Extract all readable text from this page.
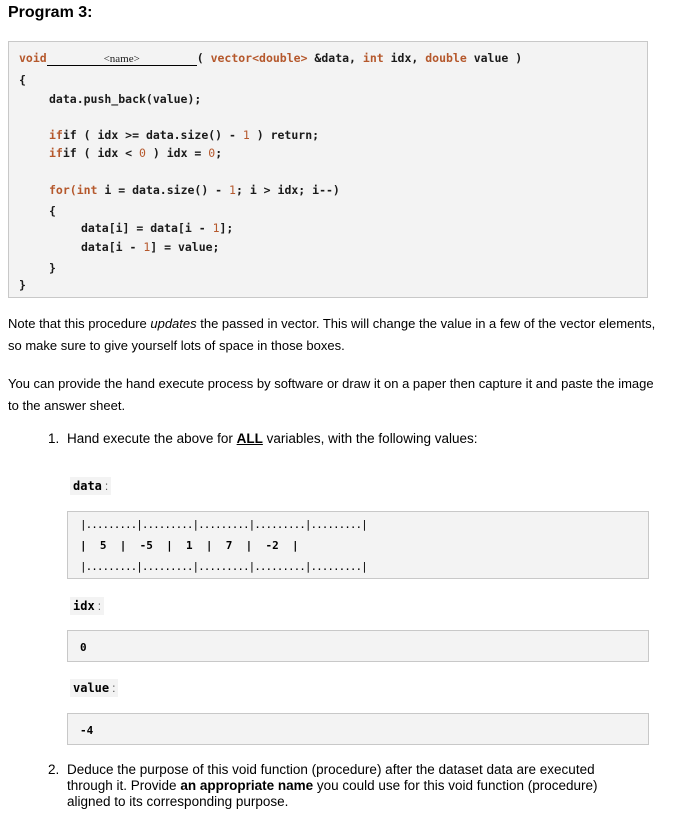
Program 3:
void	<name>	( vector<double> &data, int idx, double value )
{
data.push_back(value);
ifif ( idx >= data.size() - 1 ) return;
ifif ( idx < 0 ) idx = 0;
for(int i = data.size() - 1; i > idx; i--)
{
data[i] = data[i - 1];
data[i - 1] = value;
}
}
Note that this procedure updates the passed in vector. This will change the value in a few of the vector elements, so make sure to give yourself lots of space in those boxes.
You can provide the hand execute process by software or draw it on a paper then capture it and paste the image to the answer sheet.
1. Hand execute the above for ALL variables, with the following values:
data :
|.........|.........|.........|.........|.........|
|  5  |  -5  |  1  |  7  |  -2  |
|.........|.........|.........|.........|.........|
idx :
0
value :
-4
2. Deduce the purpose of this void function (procedure) after the dataset data are executed
through it. Provide an appropriate name you could use for this void function (procedure)
aligned to its corresponding purpose.
